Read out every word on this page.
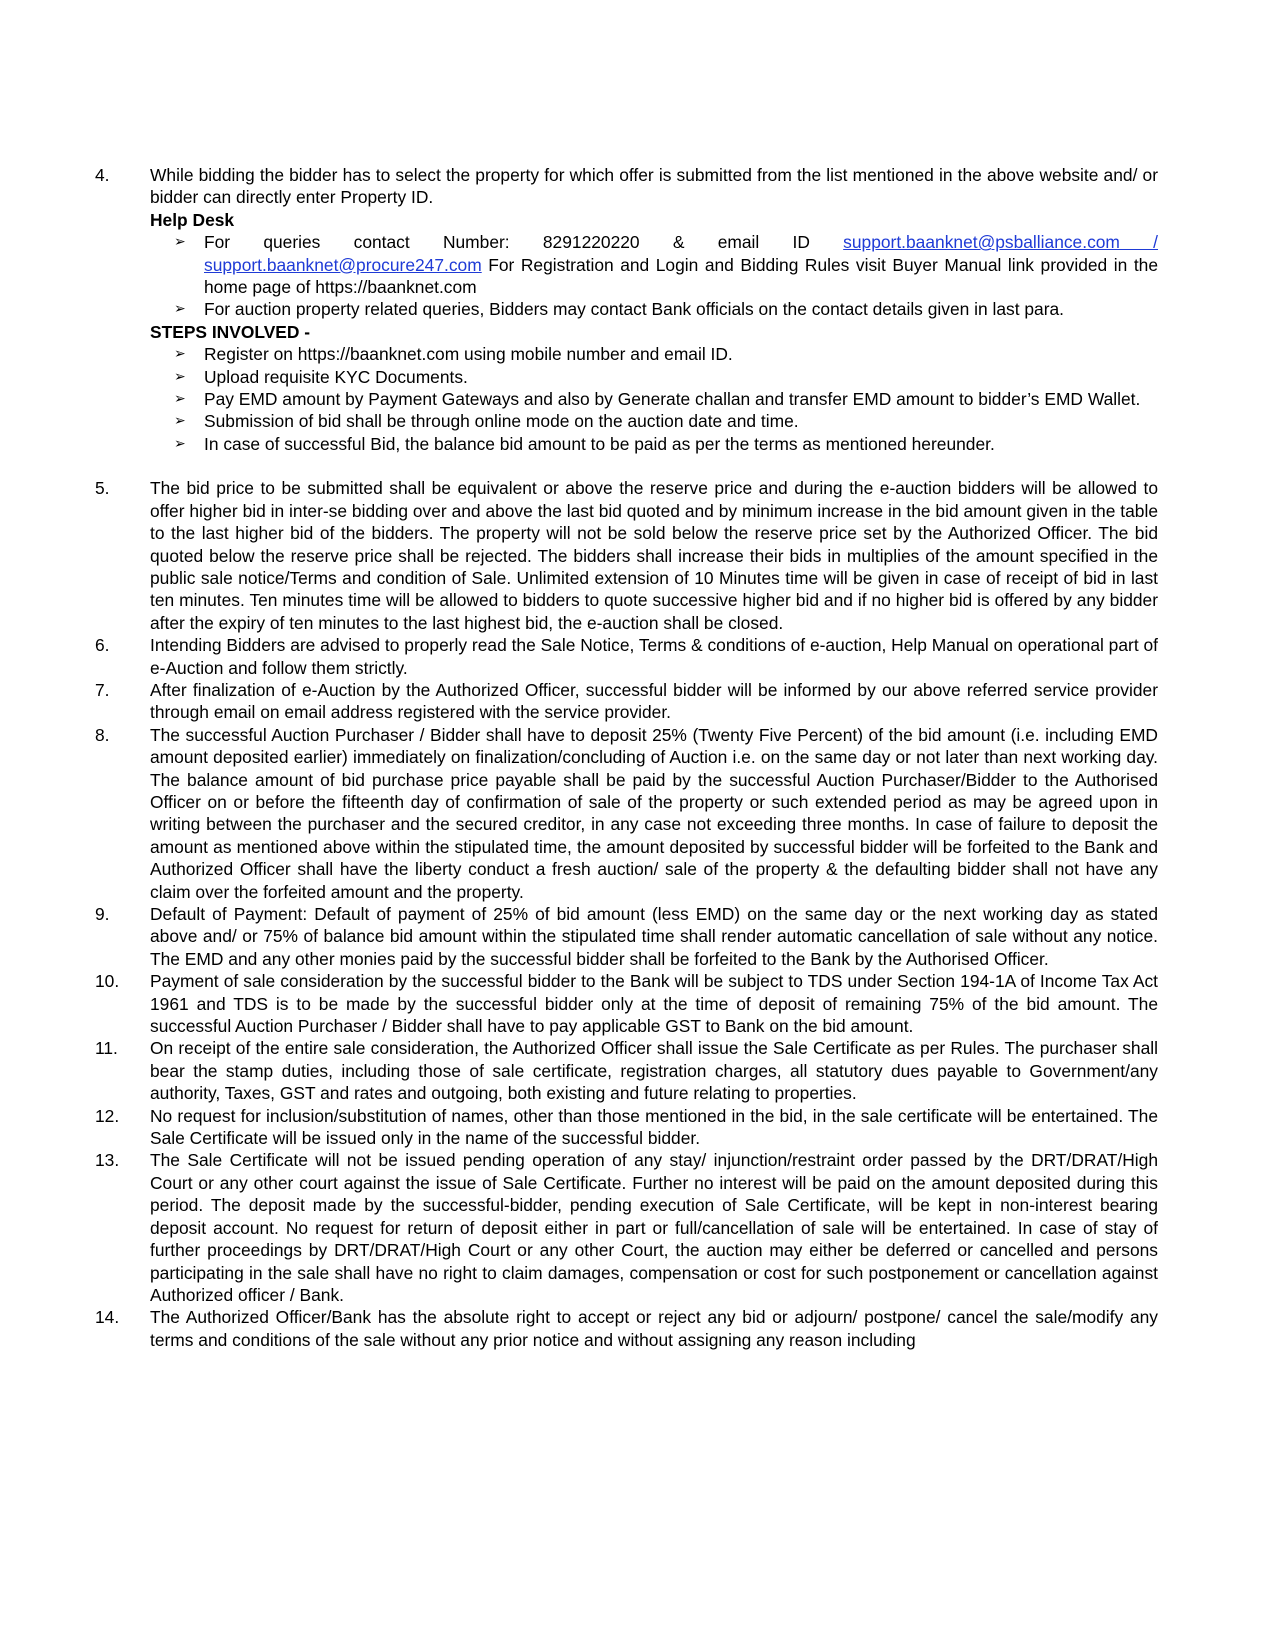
4. While bidding the bidder has to select the property for which offer is submitted from the list mentioned in the above website and/ or bidder can directly enter Property ID.
Help Desk
➢ For queries contact Number: 8291220220 & email ID support.baanknet@psballiance.com / support.baanknet@procure247.com For Registration and Login and Bidding Rules visit Buyer Manual link provided in the home page of https://baanknet.com
➢ For auction property related queries, Bidders may contact Bank officials on the contact details given in last para.
STEPS INVOLVED -
➢ Register on https://baanknet.com using mobile number and email ID.
➢ Upload requisite KYC Documents.
➢ Pay EMD amount by Payment Gateways and also by Generate challan and transfer EMD amount to bidder’s EMD Wallet.
➢ Submission of bid shall be through online mode on the auction date and time.
➢ In case of successful Bid, the balance bid amount to be paid as per the terms as mentioned hereunder.
5. The bid price to be submitted shall be equivalent or above the reserve price and during the e-auction bidders will be allowed to offer higher bid in inter-se bidding over and above the last bid quoted and by minimum increase in the bid amount given in the table to the last higher bid of the bidders. The property will not be sold below the reserve price set by the Authorized Officer. The bid quoted below the reserve price shall be rejected. The bidders shall increase their bids in multiplies of the amount specified in the public sale notice/Terms and condition of Sale. Unlimited extension of 10 Minutes time will be given in case of receipt of bid in last ten minutes. Ten minutes time will be allowed to bidders to quote successive higher bid and if no higher bid is offered by any bidder after the expiry of ten minutes to the last highest bid, the e-auction shall be closed.
6. Intending Bidders are advised to properly read the Sale Notice, Terms & conditions of e-auction, Help Manual on operational part of e-Auction and follow them strictly.
7. After finalization of e-Auction by the Authorized Officer, successful bidder will be informed by our above referred service provider through email on email address registered with the service provider.
8. The successful Auction Purchaser / Bidder shall have to deposit 25% (Twenty Five Percent) of the bid amount (i.e. including EMD amount deposited earlier) immediately on finalization/concluding of Auction i.e. on the same day or not later than next working day. The balance amount of bid purchase price payable shall be paid by the successful Auction Purchaser/Bidder to the Authorised Officer on or before the fifteenth day of confirmation of sale of the property or such extended period as may be agreed upon in writing between the purchaser and the secured creditor, in any case not exceeding three months. In case of failure to deposit the amount as mentioned above within the stipulated time, the amount deposited by successful bidder will be forfeited to the Bank and Authorized Officer shall have the liberty conduct a fresh auction/ sale of the property & the defaulting bidder shall not have any claim over the forfeited amount and the property.
9. Default of Payment: Default of payment of 25% of bid amount (less EMD) on the same day or the next working day as stated above and/ or 75% of balance bid amount within the stipulated time shall render automatic cancellation of sale without any notice. The EMD and any other monies paid by the successful bidder shall be forfeited to the Bank by the Authorised Officer.
10. Payment of sale consideration by the successful bidder to the Bank will be subject to TDS under Section 194-1A of Income Tax Act 1961 and TDS is to be made by the successful bidder only at the time of deposit of remaining 75% of the bid amount. The successful Auction Purchaser / Bidder shall have to pay applicable GST to Bank on the bid amount.
11. On receipt of the entire sale consideration, the Authorized Officer shall issue the Sale Certificate as per Rules. The purchaser shall bear the stamp duties, including those of sale certificate, registration charges, all statutory dues payable to Government/any authority, Taxes, GST and rates and outgoing, both existing and future relating to properties.
12. No request for inclusion/substitution of names, other than those mentioned in the bid, in the sale certificate will be entertained. The Sale Certificate will be issued only in the name of the successful bidder.
13. The Sale Certificate will not be issued pending operation of any stay/ injunction/restraint order passed by the DRT/DRAT/High Court or any other court against the issue of Sale Certificate. Further no interest will be paid on the amount deposited during this period. The deposit made by the successful-bidder, pending execution of Sale Certificate, will be kept in non-interest bearing deposit account. No request for return of deposit either in part or full/cancellation of sale will be entertained. In case of stay of further proceedings by DRT/DRAT/High Court or any other Court, the auction may either be deferred or cancelled and persons participating in the sale shall have no right to claim damages, compensation or cost for such postponement or cancellation against Authorized officer / Bank.
14. The Authorized Officer/Bank has the absolute right to accept or reject any bid or adjourn/ postpone/ cancel the sale/modify any terms and conditions of the sale without any prior notice and without assigning any reason including
